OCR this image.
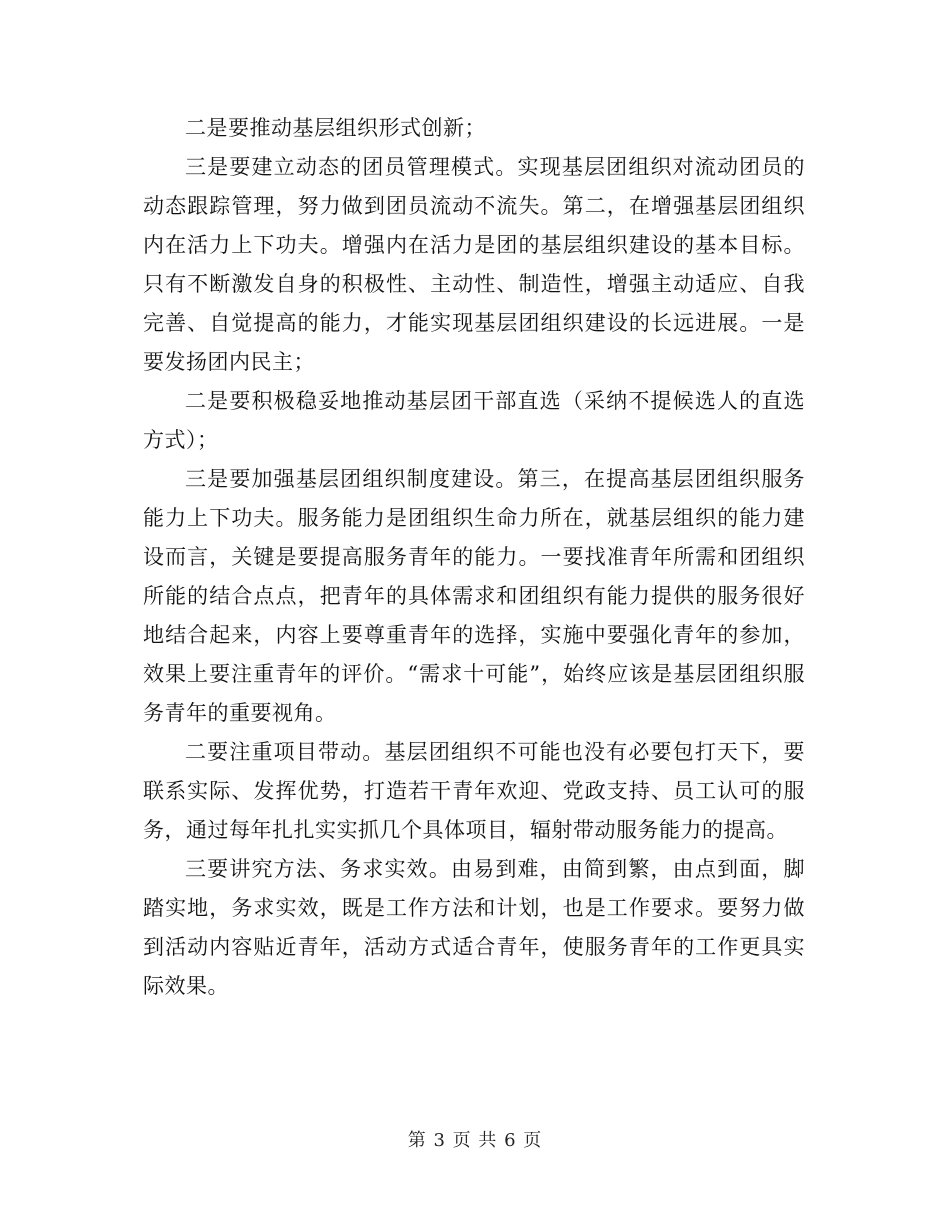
二是要推动基层组织形式创新；

三是要建立动态的团员管理模式。实现基层团组织对流动团员的动态跟踪管理，努力做到团员流动不流失。第二，在增强基层团组织内在活力上下功夫。增强内在活力是团的基层组织建设的基本目标。只有不断激发自身的积极性、主动性、制造性，增强主动适应、自我完善、自觉提高的能力，才能实现基层团组织建设的长远进展。一是要发扬团内民主；

二是要积极稳妥地推动基层团干部直选（采纳不提候选人的直选方式）；

三是要加强基层团组织制度建设。第三，在提高基层团组织服务能力上下功夫。服务能力是团组织生命力所在，就基层组织的能力建设而言，关键是要提高服务青年的能力。一要找准青年所需和团组织所能的结合点点，把青年的具体需求和团组织有能力提供的服务很好地结合起来，内容上要尊重青年的选择，实施中要强化青年的参加，效果上要注重青年的评价。“需求十可能”，始终应该是基层团组织服务青年的重要视角。

二要注重项目带动。基层团组织不可能也没有必要包打天下，要联系实际、发挥优势，打造若干青年欢迎、党政支持、员工认可的服务，通过每年扎扎实实抓几个具体项目，辐射带动服务能力的提高。

三要讲究方法、务求实效。由易到难，由简到繁，由点到面，脚踏实地，务求实效，既是工作方法和计划，也是工作要求。要努力做到活动内容贴近青年，活动方式适合青年，使服务青年的工作更具实际效果。

第 3 页 共 6 页
